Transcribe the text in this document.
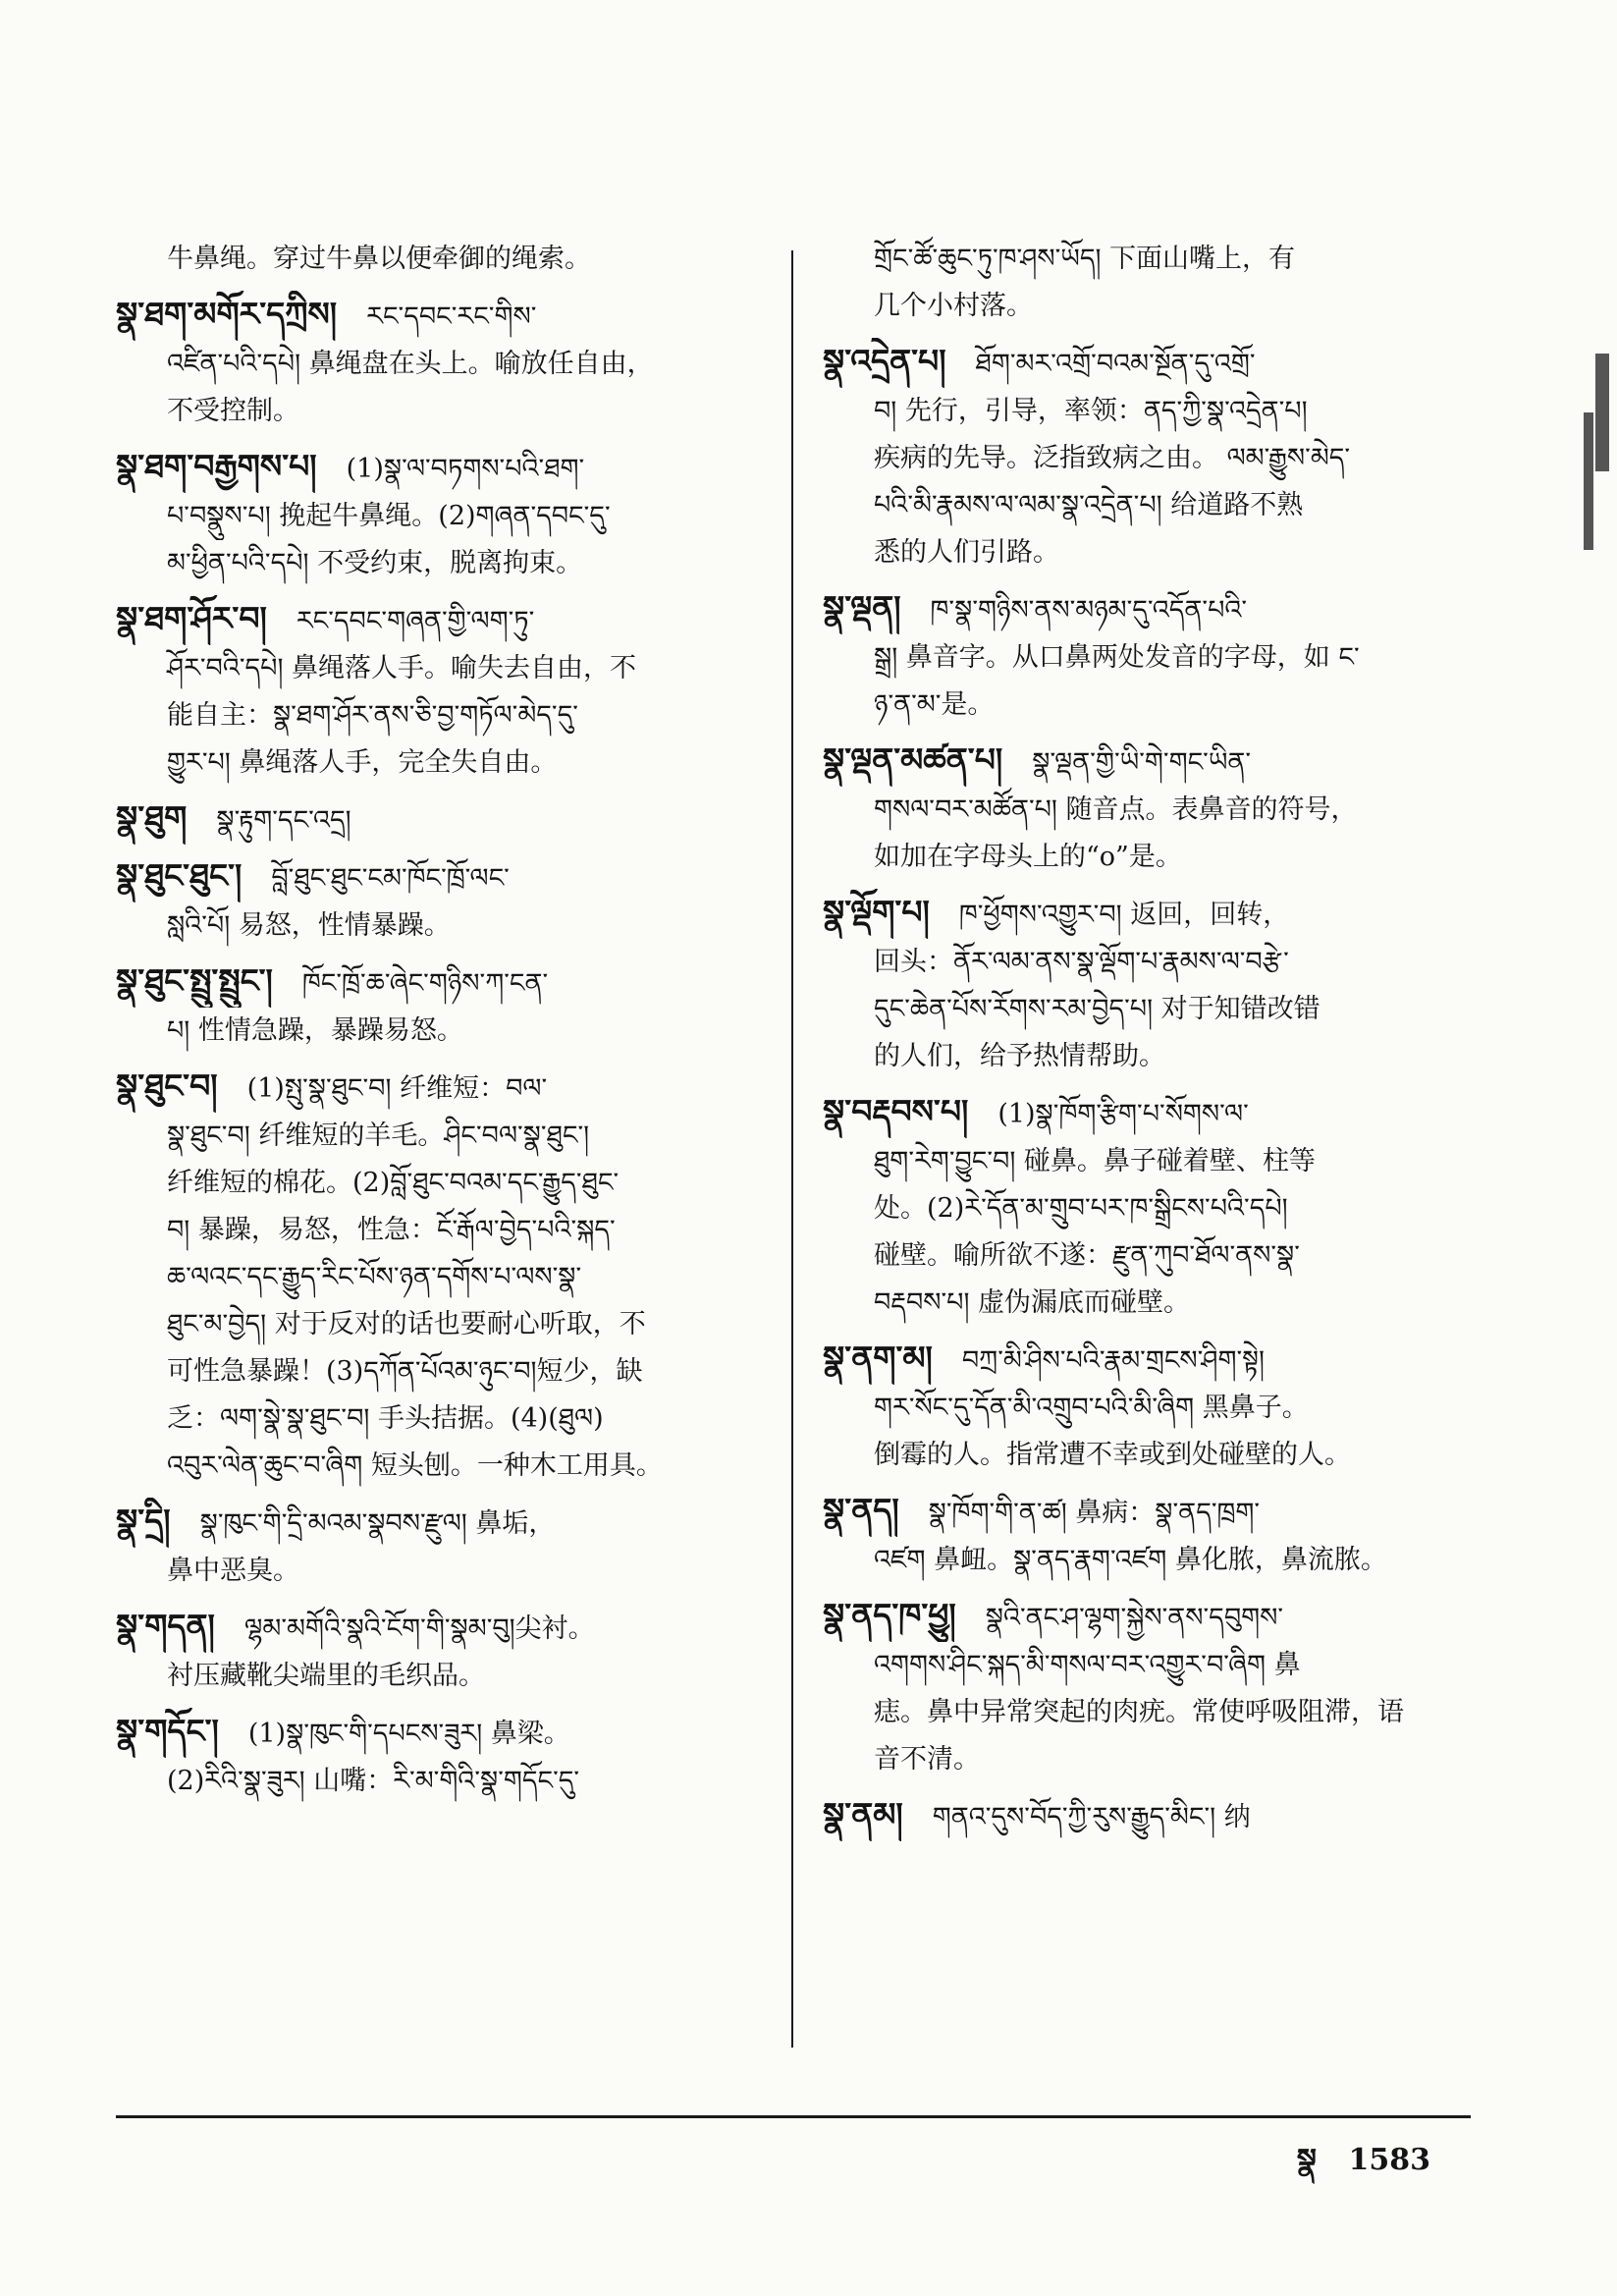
牛鼻绳。穿过牛鼻以便牵御的绳索。
སྣ་ཐག་མགོར་དཀྲིས། རང་དབང་རང་གིས་
འཛིན་པའི་དཔེ། 鼻绳盘在头上。喻放任自由，
不受控制。
སྣ་ཐག་བརྒྱགས་པ། (1)སྣ་ལ་བཏགས་པའི་ཐག་
པ་བསྣུས་པ། 挽起牛鼻绳。(2)གཞན་དབང་དུ་
མ་ཕྱིན་པའི་དཔེ། 不受约束，脱离拘束。
སྣ་ཐག་ཤོར་བ། རང་དབང་གཞན་གྱི་ལག་ཏུ་
ཤོར་བའི་དཔེ། 鼻绳落人手。喻失去自由，不
能自主：སྣ་ཐག་ཤོར་ནས་ཅི་བྱ་གཏོལ་མེད་དུ་
གྱུར་པ། 鼻绳落人手，完全失自由。
སྣ་ཐུག སྣ་རྟུག་དང་འདྲ།
སྣ་ཐུང་ཐུང་། བློ་ཐུང་ཐུང་ངམ་ཁོང་ཁྲོ་ལང་
སླའི་པོ། 易怒，性情暴躁。
སྣ་ཐུང་སྤྲུ་སྤྲུང་། ཁོང་ཁྲོ་ཆ་ཞེང་གཉིས་ཀ་ངན་
པ། 性情急躁，暴躁易怒。
སྣ་ཐུང་བ། (1)སྤུ་སྣ་ཐུང་བ། 纤维短：བལ་
སྣ་ཐུང་བ། 纤维短的羊毛。ཤིང་བལ་སྣ་ཐུང་།
纤维短的棉花。(2)བློ་ཐུང་བའམ་དང་རྒྱུད་ཐུང་
བ། 暴躁，易怒，性急：ངོ་རྒོལ་བྱེད་པའི་སྐད་
ཆ་ལའང་དང་རྒྱུད་རིང་པོས་ཉན་དགོས་པ་ལས་སྣ་
ཐུང་མ་བྱེད། 对于反对的话也要耐心听取，不
可性急暴躁！(3)དཀོན་པོའམ་ཉུང་བ།短少，缺
乏：ལག་སྣེ་སྣ་ཐུང་བ། 手头拮据。(4)(ཐུལ)
འབུར་ལེན་ཆུང་བ་ཞིག 短头刨。一种木工用具。
སྣ་དྲི། སྣ་ཁུང་གི་དྲི་མའམ་སྣབས་རྫུལ། 鼻垢，
鼻中恶臭。
སྣ་གདན། ལྷམ་མགོའི་སྣའི་ངོག་གི་སྣམ་བུ།尖衬。
衬压藏靴尖端里的毛织品。
སྣ་གདོང་། (1)སྣ་ཁུང་གི་དཔངས་ཟུར། 鼻梁。
(2)རིའི་སྣ་ཟུར། 山嘴：རི་མ་གིའི་སྣ་གདོང་དུ་
གྲོང་ཚོ་ཆུང་ཏུ་ཁ་ཤས་ཡོད། 下面山嘴上，有
几个小村落。
སྣ་འདྲེན་པ། ཐོག་མར་འགྲོ་བའམ་སྔོན་དུ་འགྲོ་
བ། 先行，引导，率领：ནད་ཀྱི་སྣ་འདྲེན་པ།
疾病的先导。泛指致病之由。 ལམ་རྒྱུས་མེད་
པའི་མི་རྣམས་ལ་ལམ་སྣ་འདྲེན་པ། 给道路不熟
悉的人们引路。
སྣ་ལྡན། ཁ་སྣ་གཉིས་ནས་མཉམ་དུ་འདོན་པའི་
སྒྲ། 鼻音字。从口鼻两处发音的字母，如 ང་
ཉ་ན་མ་是。
སྣ་ལྡན་མཚན་པ། སྣ་ལྡན་གྱི་ཡི་གེ་གང་ཡིན་
གསལ་བར་མཚོན་པ། 随音点。表鼻音的符号，
如加在字母头上的“o”是。
སྣ་ལྡོག་པ། ཁ་ཕྱོགས་འགྱུར་བ། 返回，回转，
回头：ནོར་ལམ་ནས་སྣ་ལྡོག་པ་རྣམས་ལ་བརྩེ་
དུང་ཆེན་པོས་རོགས་རམ་བྱེད་པ། 对于知错改错
的人们，给予热情帮助。
སྣ་བརྡབས་པ། (1)སྣ་ཁོག་རྩིག་པ་སོགས་ལ་
ཐུག་རེག་བྱུང་བ། 碰鼻。鼻子碰着壁、柱等
处。(2)རེ་དོན་མ་གྲུབ་པར་ཁ་སྒྲིངས་པའི་དཔེ།
碰壁。喻所欲不遂：རྫུན་ཀུབ་ཐོལ་ནས་སྣ་
བརྡབས་པ། 虚伪漏底而碰壁。
སྣ་ནག་མ། བཀྲ་མི་ཤིས་པའི་རྣམ་གྲངས་ཤིག་སྟེ།
གར་སོང་དུ་དོན་མི་འགྲུབ་པའི་མི་ཞིག 黑鼻子。
倒霉的人。指常遭不幸或到处碰壁的人。
སྣ་ནད། སྣ་ཁོག་གི་ན་ཚ། 鼻病：སྣ་ནད་ཁྲག་
འཛག 鼻衄。སྣ་ནད་རྣག་འཛག 鼻化脓，鼻流脓。
སྣ་ནད་ཁ་ཕྱུ། སྣའི་ནང་ཤ་ལྷག་སྐྱེས་ནས་དབུགས་
འགགས་ཤིང་སྐད་མི་གསལ་བར་འགྱུར་བ་ཞིག 鼻
痣。鼻中异常突起的肉疣。常使呼吸阻滞，语
音不清。
སྣ་ནམ། གནའ་དུས་བོད་ཀྱི་རུས་རྒྱུད་མིང་། 纳
སྣ 1583
